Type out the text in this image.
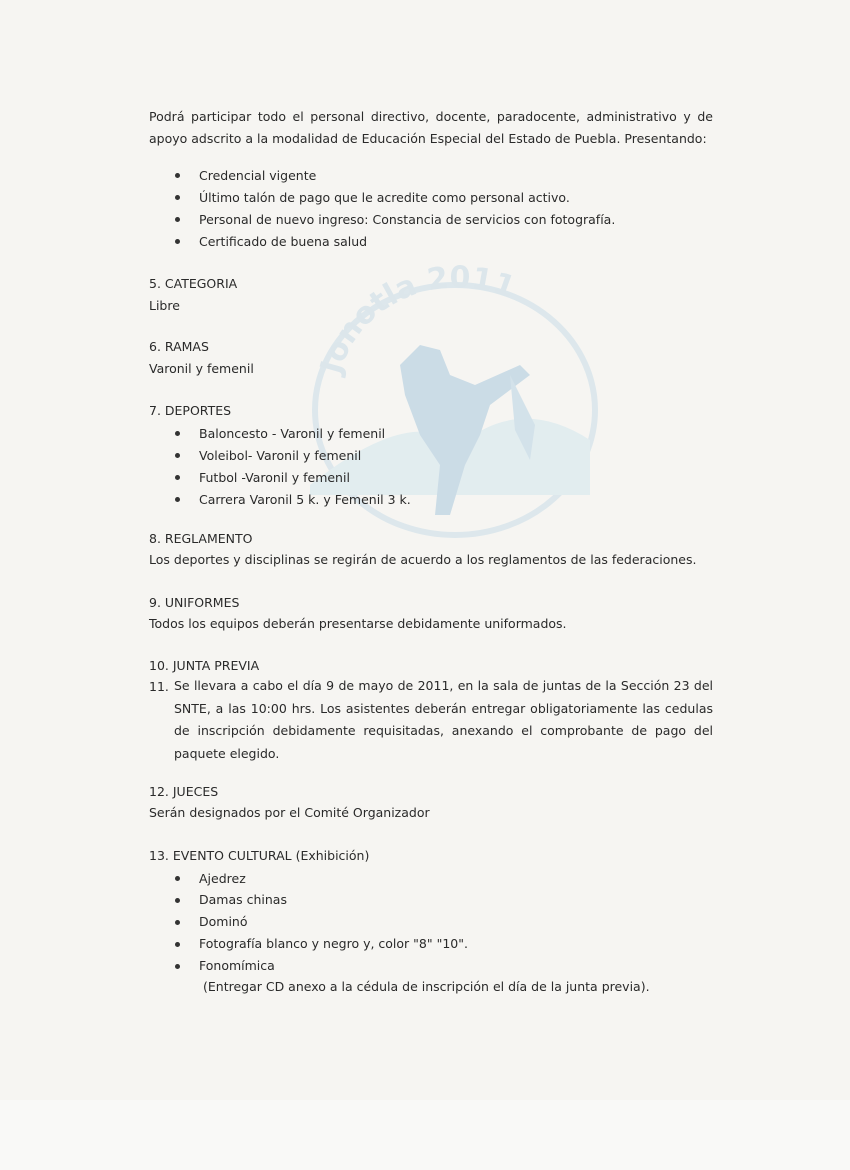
Jonotla 2011
Podrá participar todo el personal directivo, docente, paradocente, administrativo y de apoyo adscrito a la modalidad de Educación Especial del Estado de Puebla. Presentando:
Credencial vigente
Último talón de pago que le acredite como personal activo.
Personal de nuevo ingreso: Constancia de servicios con fotografía.
Certificado de buena salud
5. CATEGORIA
Libre
6. RAMAS
Varonil y femenil
7. DEPORTES
Baloncesto - Varonil y femenil
Voleibol- Varonil y femenil
Futbol -Varonil y femenil
Carrera Varonil 5 k. y Femenil 3 k.
8. REGLAMENTO
Los deportes y disciplinas se regirán de acuerdo a los reglamentos de las federaciones.
9. UNIFORMES
Todos los equipos deberán presentarse debidamente uniformados.
10. JUNTA PREVIA
11. Se llevara a cabo el día 9 de mayo de 2011, en la sala de juntas de la Sección 23 del SNTE, a las 10:00 hrs. Los asistentes deberán entregar obligatoriamente las cedulas de inscripción debidamente requisitadas, anexando el comprobante de pago del paquete elegido.
12. JUECES
Serán designados por el Comité Organizador
13. EVENTO CULTURAL (Exhibición)
Ajedrez
Damas chinas
Dominó
Fotografía blanco y negro y, color "8" "10".
Fonomímica
(Entregar CD anexo a la cédula de inscripción el día de la junta previa).
